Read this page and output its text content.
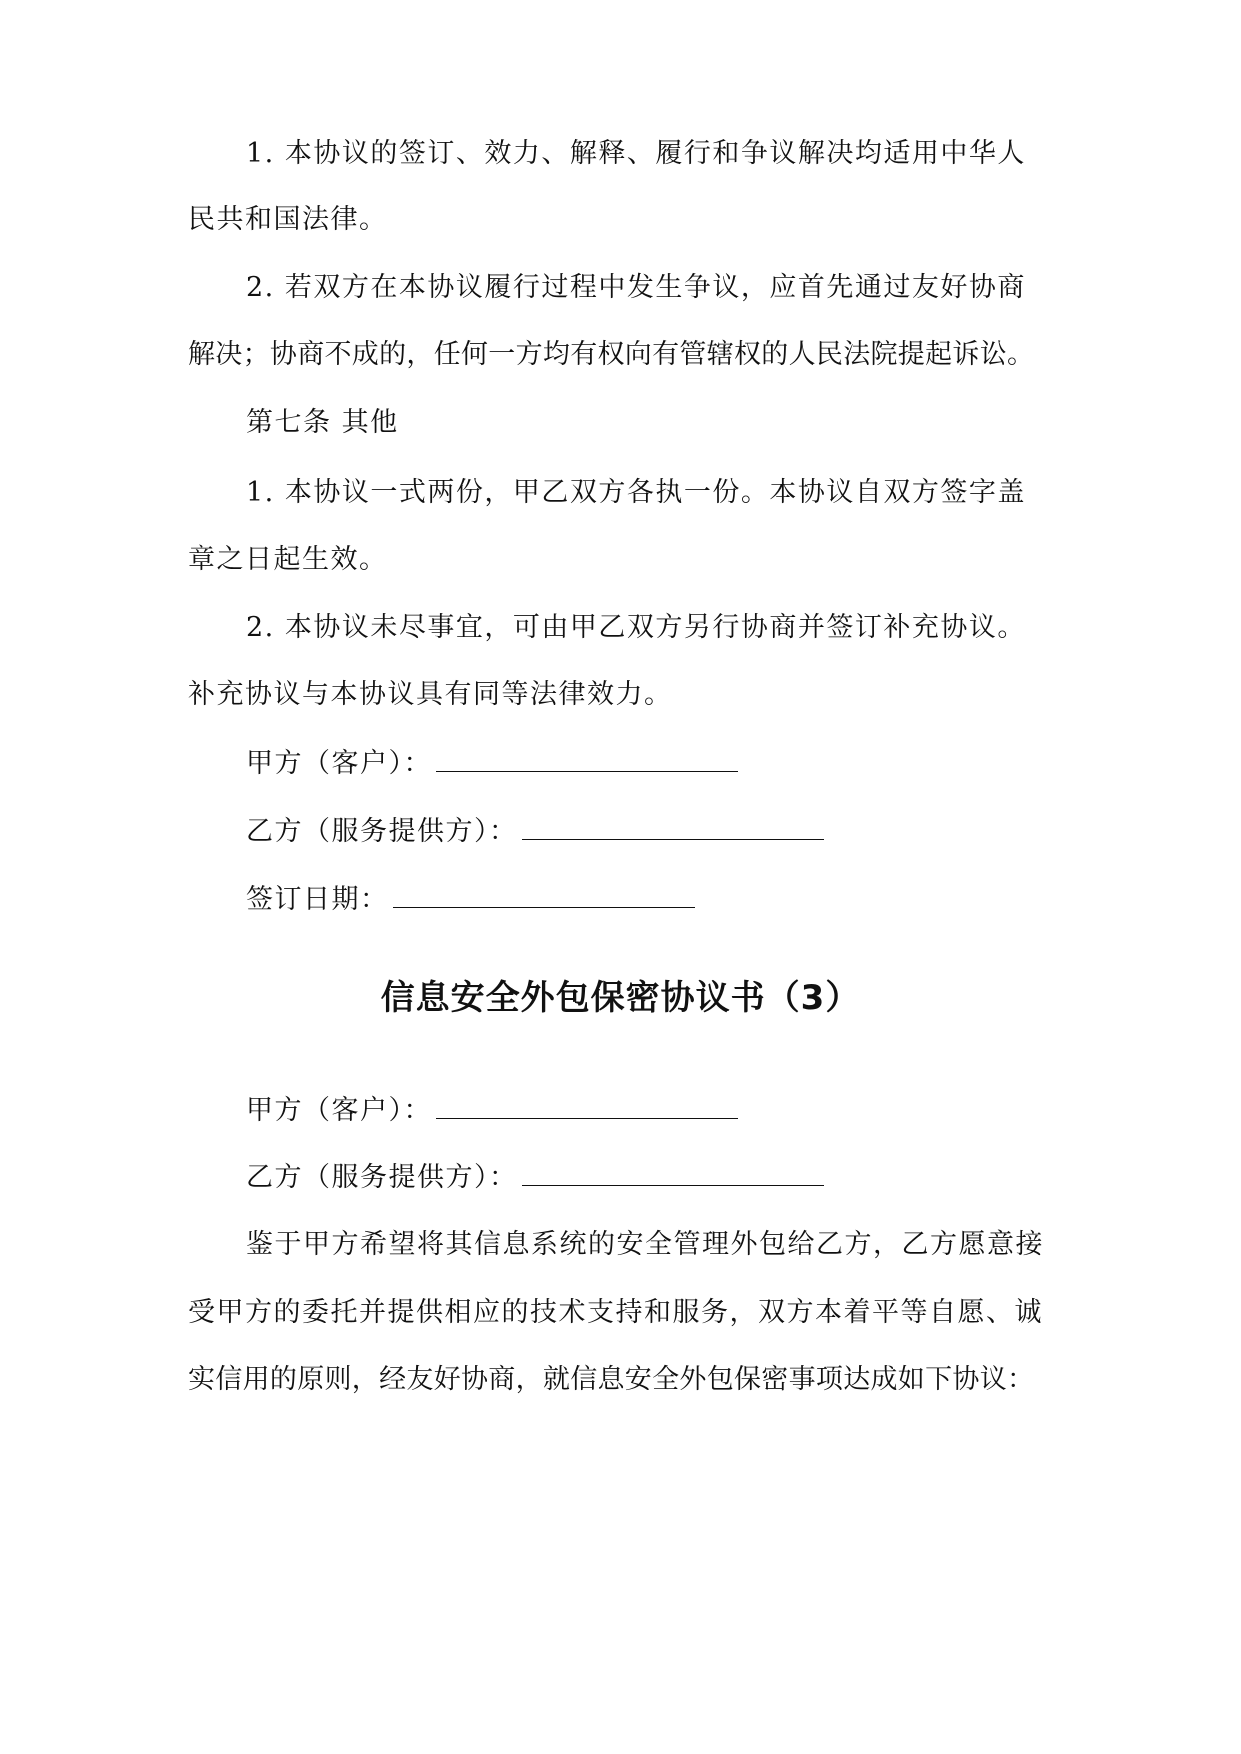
1. 本协议的签订、效力、解释、履行和争议解决均适用中华人
民共和国法律。
2. 若双方在本协议履行过程中发生争议，应首先通过友好协商
解决；协商不成的，任何一方均有权向有管辖权的人民法院提起诉讼。
第七条 其他
1. 本协议一式两份，甲乙双方各执一份。本协议自双方签字盖
章之日起生效。
2. 本协议未尽事宜，可由甲乙双方另行协商并签订补充协议。
补充协议与本协议具有同等法律效力。
甲方（客户）：
乙方（服务提供方）：
签订日期：
信息安全外包保密协议书（3）
甲方（客户）：
乙方（服务提供方）：
鉴于甲方希望将其信息系统的安全管理外包给乙方，乙方愿意接
受甲方的委托并提供相应的技术支持和服务，双方本着平等自愿、诚
实信用的原则，经友好协商，就信息安全外包保密事项达成如下协议：
